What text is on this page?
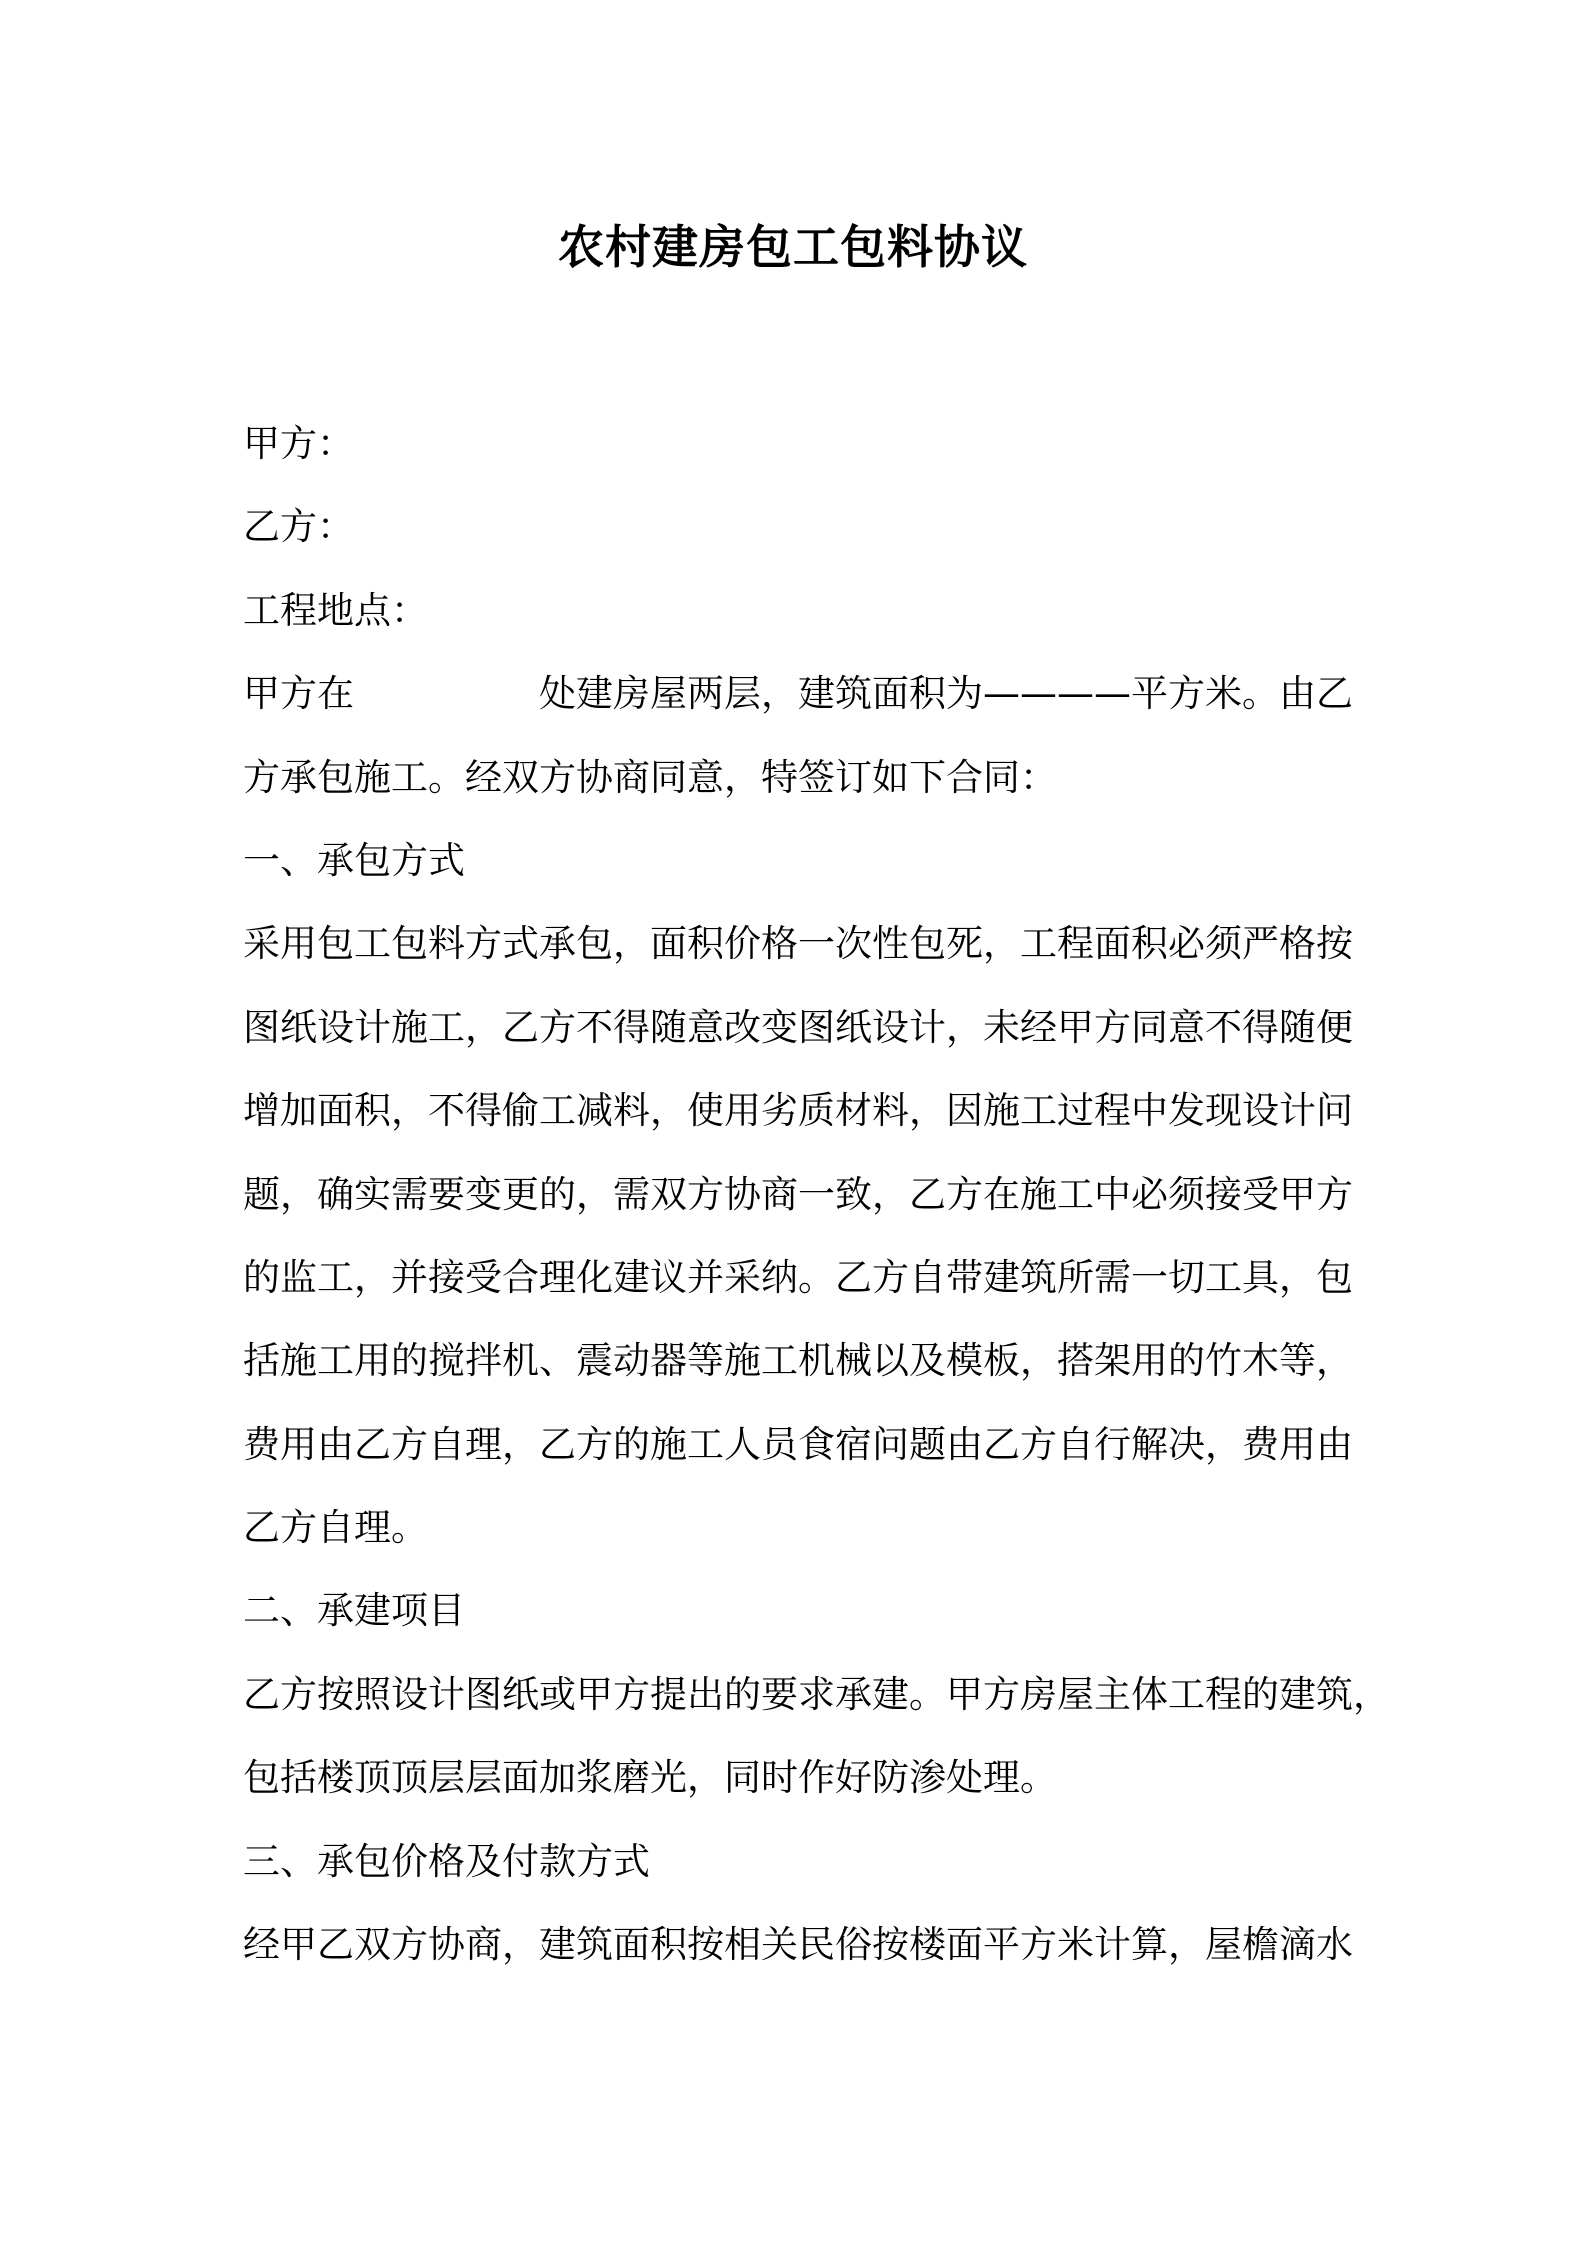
农村建房包工包料协议
甲方：
乙方：
工程地点：
甲方在	处建房屋两层，建筑面积为————平方米。由乙
方承包施工。经双方协商同意，特签订如下合同：
一、承包方式
采用包工包料方式承包，面积价格一次性包死，工程面积必须严格按
图纸设计施工，乙方不得随意改变图纸设计，未经甲方同意不得随便
增加面积，不得偷工减料，使用劣质材料，因施工过程中发现设计问
题，确实需要变更的，需双方协商一致，乙方在施工中必须接受甲方
的监工，并接受合理化建议并采纳。乙方自带建筑所需一切工具，包
括施工用的搅拌机、震动器等施工机械以及模板，搭架用的竹木等，
费用由乙方自理，乙方的施工人员食宿问题由乙方自行解决，费用由
乙方自理。
二、承建项目
乙方按照设计图纸或甲方提出的要求承建。甲方房屋主体工程的建筑，
包括楼顶顶层层面加浆磨光，同时作好防渗处理。
三、承包价格及付款方式
经甲乙双方协商，建筑面积按相关民俗按楼面平方米计算，屋檐滴水
